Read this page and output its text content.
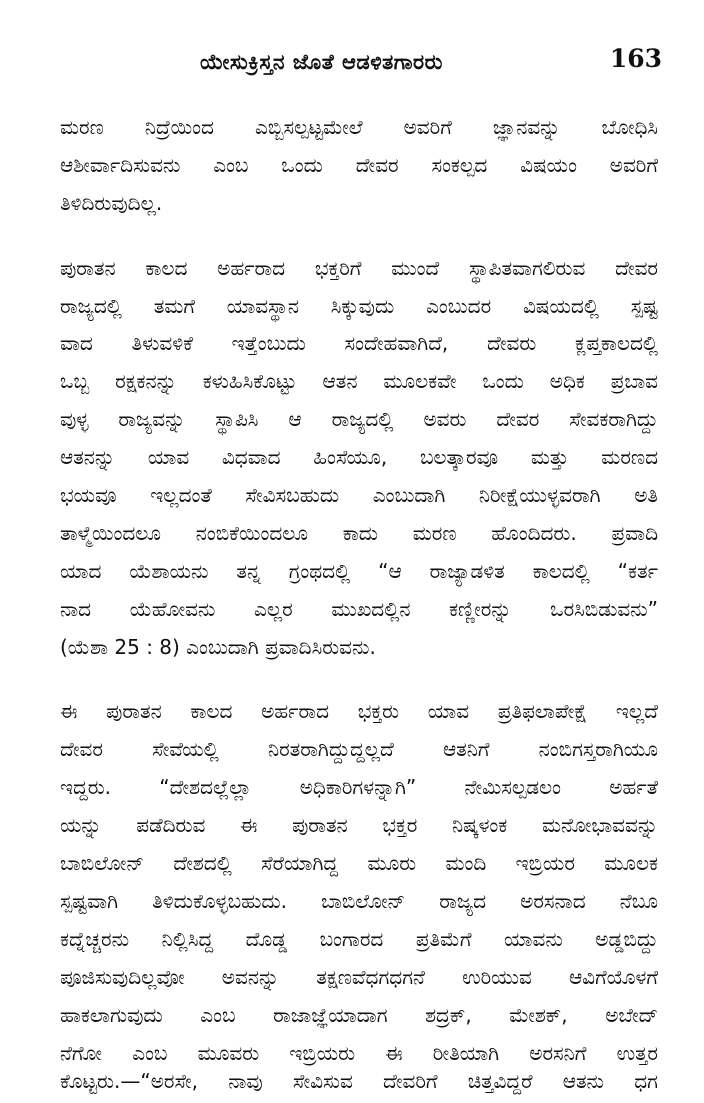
ಯೇಸುಕ್ರಿಸ್ತನ ಜೊತೆ ಆಡಳಿತಗಾರರು	163
ಮರಣ ನಿದ್ರೆಯಿಂದ ಎಬ್ಬಿಸಲ್ಪಟ್ಟಮೇಲೆ ಅವರಿಗೆ ಜ್ಞಾನವನ್ನು ಬೋಧಿಸಿ
ಆಶೀರ್ವಾದಿಸುವನು ಎಂಬ ಒಂದು ದೇವರ ಸಂಕಲ್ಪದ ವಿಷಯಂ ಅವರಿಗೆ
ತಿಳಿದಿರುವುದಿಲ್ಲ.
ಪುರಾತನ ಕಾಲದ ಅರ್ಹರಾದ ಭಕ್ತರಿಗೆ ಮುಂದೆ ಸ್ಥಾಪಿತವಾಗಲಿರುವ ದೇವರ
ರಾಜ್ಯದಲ್ಲಿ ತಮಗೆ ಯಾವಸ್ಥಾನ ಸಿಕ್ಕುವುದು ಎಂಬುದರ ವಿಷಯದಲ್ಲಿ ಸ್ಪಷ್ಟ
ವಾದ ತಿಳುವಳಿಕೆ ಇತ್ತೆಂಬುದು ಸಂದೇಹವಾಗಿದೆ, ದೇವರು ಕ್ಲಪ್ತಕಾಲದಲ್ಲಿ
ಒಬ್ಬ ರಕ್ಷಕನನ್ನು ಕಳುಹಿಸಿಕೊಟ್ಟು ಆತನ ಮೂಲಕವೇ ಒಂದು ಅಧಿಕ ಪ್ರಬಾವ
ವುಳ್ಳ ರಾಜ್ಯವನ್ನು ಸ್ಥಾಪಿಸಿ ಆ ರಾಜ್ಯದಲ್ಲಿ ಅವರು ದೇವರ ಸೇವಕರಾಗಿದ್ದು
ಆತನನ್ನು ಯಾವ ವಿಧವಾದ ಹಿಂಸೆಯೂ, ಬಲತ್ಕಾರವೂ ಮತ್ತು ಮರಣದ
ಭಯವೂ ಇಲ್ಲದಂತೆ ಸೇವಿಸಬಹುದು ಎಂಬುದಾಗಿ ನಿರೀಕ್ಷೆಯುಳ್ಳವರಾಗಿ ಅತಿ
ತಾಳ್ಮೆಯಿಂದಲೂ ನಂಬಿಕೆಯಿಂದಲೂ ಕಾದು ಮರಣ ಹೊಂದಿದರು. ಪ್ರವಾದಿ
ಯಾದ ಯೆಶಾಯನು ತನ್ನ ಗ್ರಂಥದಲ್ಲಿ “ಆ ರಾಜ್ಯಾಡಳಿತ ಕಾಲದಲ್ಲಿ “ಕರ್ತ
ನಾದ ಯೆಹೋವನು ಎಲ್ಲರ ಮುಖದಲ್ಲಿನ ಕಣ್ಣೀರನ್ನು ಒರಸಿಬಿಡುವನು”
(ಯೆಶಾ 25 : 8) ಎಂಬುದಾಗಿ ಪ್ರವಾದಿಸಿರುವನು.
ಈ ಪುರಾತನ ಕಾಲದ ಅರ್ಹರಾದ ಭಕ್ತರು ಯಾವ ಪ್ರತಿಫಲಾಪೇಕ್ಷೆ ಇಲ್ಲದೆ
ದೇವರ ಸೇವೆಯಲ್ಲಿ ನಿರತರಾಗಿದ್ದುದ್ದಲ್ಲದೆ ಆತನಿಗೆ ನಂಬಿಗಸ್ತರಾಗಿಯೂ
ಇದ್ದರು. “ದೇಶದಲ್ಲೆಲ್ಲಾ ಅಧಿಕಾರಿಗಳನ್ನಾಗಿ” ನೇಮಿಸಲ್ಪಡಲಂ ಅರ್ಹತೆ
ಯನ್ನು ಪಡೆದಿರುವ ಈ ಪುರಾತನ ಭಕ್ತರ ನಿಷ್ಕಳಂಕ ಮನೋಭಾವವನ್ನು
ಬಾಬಿಲೋನ್ ದೇಶದಲ್ಲಿ ಸೆರೆಯಾಗಿದ್ದ ಮೂರು ಮಂದಿ ಇಬ್ರಿಯರ ಮೂಲಕ
ಸ್ಪಷ್ಟವಾಗಿ ತಿಳಿದುಕೊಳ್ಳಬಹುದು. ಬಾಬಿಲೋನ್ ರಾಜ್ಯದ ಅರಸನಾದ ನೆಬೂ
ಕದ್ನೆಚ್ಚರನು ನಿಲ್ಲಿಸಿದ್ದ ದೊಡ್ಡ ಬಂಗಾರದ ಪ್ರತಿಮೆಗೆ ಯಾವನು ಅಡ್ಡಬಿದ್ದು
ಪೂಜಿಸುವುದಿಲ್ಲವೋ ಅವನನ್ನು ತಕ್ಷಣವೆಧಗಧಗನೆ ಉರಿಯುವ ಆವಿಗೆಯೊಳಗೆ
ಹಾಕಲಾಗುವುದು ಎಂಬ ರಾಜಾಜ್ಞೆಯಾದಾಗ ಶದ್ರಕ್, ಮೇಶಕ್, ಅಬೇದ್
ನೆಗೋ ಎಂಬ ಮೂವರು ಇಬ್ರಿಯರು ಈ ರೀತಿಯಾಗಿ ಅರಸನಿಗೆ ಉತ್ತರ
ಕೊಟ್ಟರು.—“ಅರಸೇ, ನಾವು ಸೇವಿಸುವ ದೇವರಿಗೆ ಚಿತ್ತವಿದ್ದರೆ ಆತನು ಧಗ
